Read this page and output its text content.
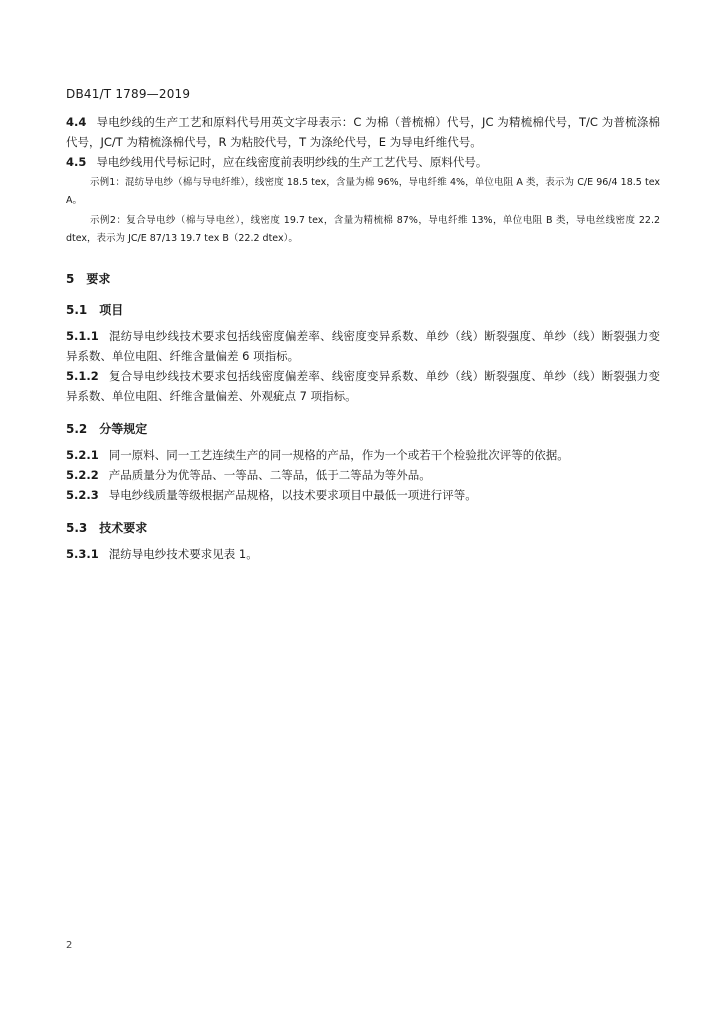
DB41/T 1789—2019

4.4 导电纱线的生产工艺和原料代号用英文字母表示：C 为棉（普梳棉）代号，JC 为精梳棉代号，T/C 为普梳涤棉代号，JC/T 为精梳涤棉代号，R 为粘胶代号，T 为涤纶代号，E 为导电纤维代号。

4.5 导电纱线用代号标记时，应在线密度前表明纱线的生产工艺代号、原料代号。

示例1：混纺导电纱（棉与导电纤维），线密度 18.5 tex，含量为棉 96%，导电纤维 4%，单位电阻 A 类，表示为 C/E 96/4 18.5 tex A。

示例2：复合导电纱（棉与导电丝），线密度 19.7 tex，含量为精梳棉 87%，导电纤维 13%，单位电阻 B 类，导电丝线密度 22.2 dtex，表示为 JC/E 87/13 19.7 tex B（22.2 dtex）。

5 要求

5.1 项目

5.1.1 混纺导电纱线技术要求包括线密度偏差率、线密度变异系数、单纱（线）断裂强度、单纱（线）断裂强力变异系数、单位电阻、纤维含量偏差 6 项指标。

5.1.2 复合导电纱线技术要求包括线密度偏差率、线密度变异系数、单纱（线）断裂强度、单纱（线）断裂强力变异系数、单位电阻、纤维含量偏差、外观疵点 7 项指标。

5.2 分等规定

5.2.1 同一原料、同一工艺连续生产的同一规格的产品，作为一个或若干个检验批次评等的依据。

5.2.2 产品质量分为优等品、一等品、二等品，低于二等品为等外品。

5.2.3 导电纱线质量等级根据产品规格，以技术要求项目中最低一项进行评等。

5.3 技术要求

5.3.1 混纺导电纱技术要求见表 1。

2
